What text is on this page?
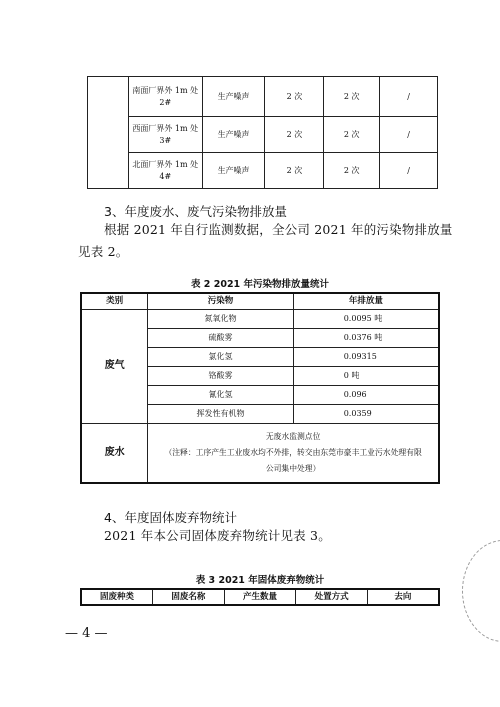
	南面厂界外 1m 处 2#	生产噪声	2 次	2 次	/
	西面厂界外 1m 处 3#	生产噪声	2 次	2 次	/
	北面厂界外 1m 处 4#	生产噪声	2 次	2 次	/
3、年度废水、废气污染物排放量
根据 2021 年自行监测数据，全公司 2021 年的污染物排放量
见表 2。
表 2 2021 年污染物排放量统计
类别	污染物	年排放量
废气	氮氧化物	0.0095 吨
	硫酸雾	0.0376 吨
	氯化氢	0.09315
	铬酸雾	0 吨
	氰化氢	0.096
	挥发性有机物	0.0359
废水	无废水监测点位
（注释：工序产生工业废水均不外排，转交由东莞市豪丰工业污水处理有限
公司集中处理）	
4、年度固体废弃物统计
2021 年本公司固体废弃物统计见表 3。
表 3 2021 年固体废弃物统计
固废种类	固废名称	产生数量	处置方式	去向
— 4 —
